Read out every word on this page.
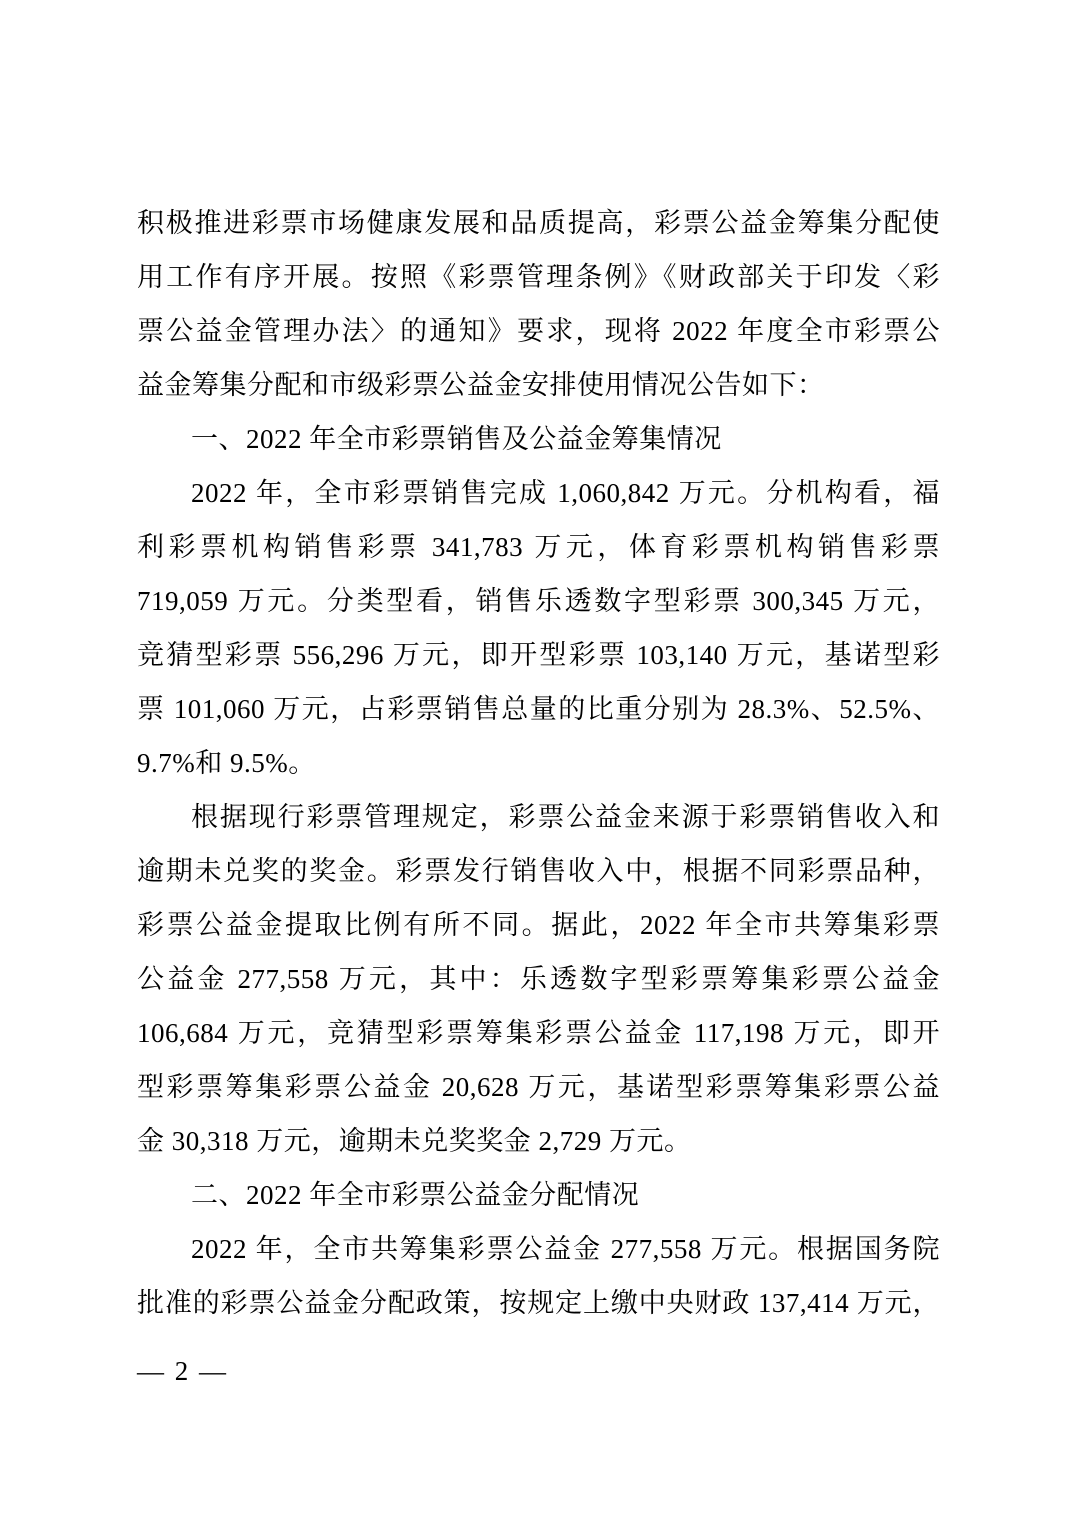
积极推进彩票市场健康发展和品质提高，彩票公益金筹集分配使
用工作有序开展。按照《彩票管理条例》《财政部关于印发〈彩
票公益金管理办法〉的通知》要求，现将 2022 年度全市彩票公
益金筹集分配和市级彩票公益金安排使用情况公告如下：
一、2022 年全市彩票销售及公益金筹集情况
2022 年，全市彩票销售完成 1,060,842 万元。分机构看，福
利彩票机构销售彩票 341,783 万元，体育彩票机构销售彩票
719,059 万元。分类型看，销售乐透数字型彩票 300,345 万元，
竞猜型彩票 556,296 万元，即开型彩票 103,140 万元，基诺型彩
票 101,060 万元，占彩票销售总量的比重分别为 28.3%、52.5%、
9.7%和 9.5%。
根据现行彩票管理规定，彩票公益金来源于彩票销售收入和
逾期未兑奖的奖金。彩票发行销售收入中，根据不同彩票品种，
彩票公益金提取比例有所不同。据此，2022 年全市共筹集彩票
公益金 277,558 万元，其中：乐透数字型彩票筹集彩票公益金
106,684 万元，竞猜型彩票筹集彩票公益金 117,198 万元，即开
型彩票筹集彩票公益金 20,628 万元，基诺型彩票筹集彩票公益
金 30,318 万元，逾期未兑奖奖金 2,729 万元。
二、2022 年全市彩票公益金分配情况
2022 年，全市共筹集彩票公益金 277,558 万元。根据国务院
批准的彩票公益金分配政策，按规定上缴中央财政 137,414 万元，
— 2 —
